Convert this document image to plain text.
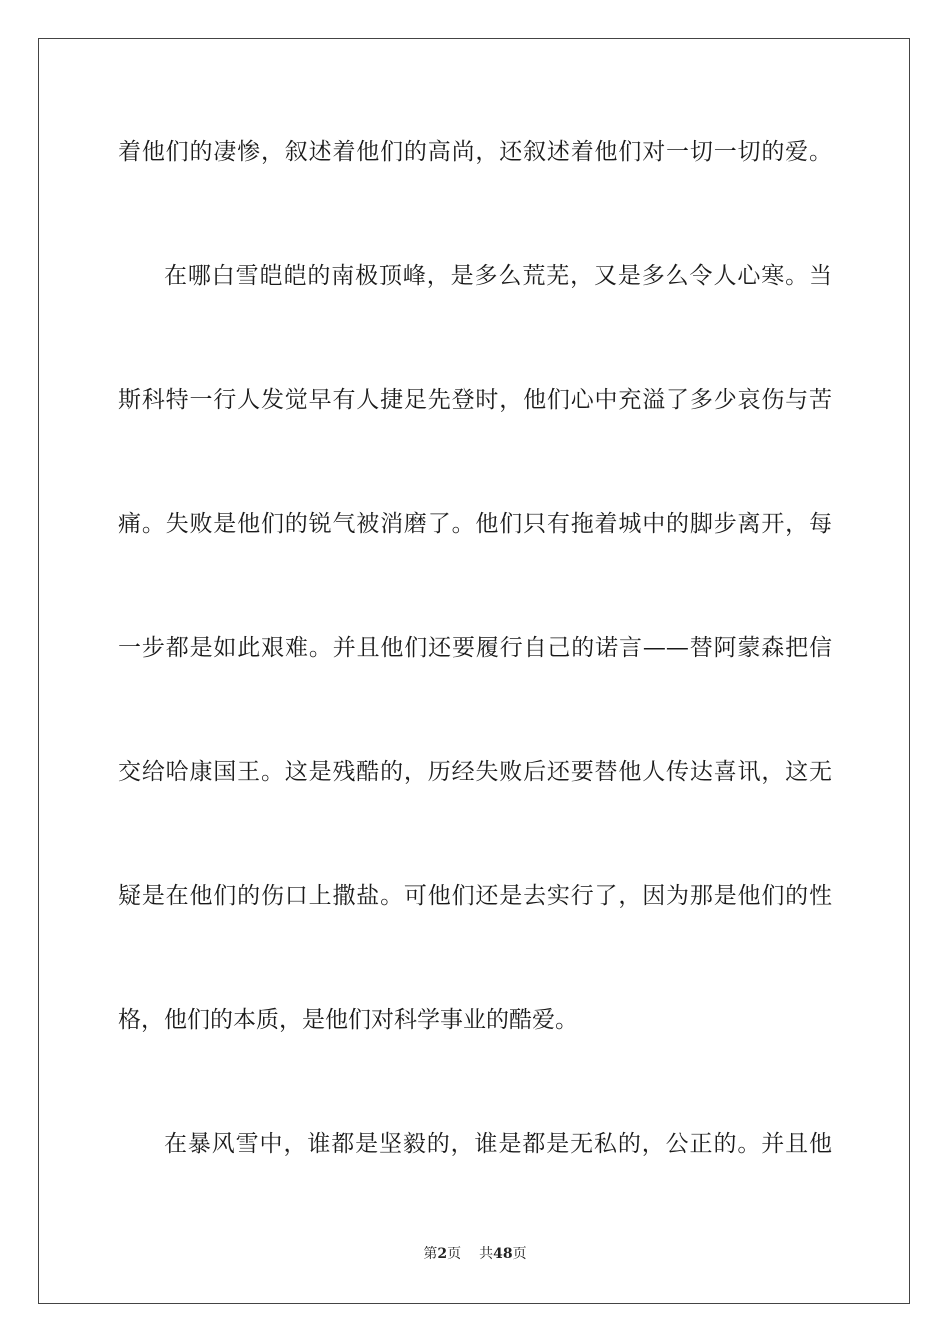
着他们的凄惨，叙述着他们的高尚，还叙述着他们对一切一切的爱。
在哪白雪皑皑的南极顶峰，是多么荒芜，又是多么令人心寒。当
斯科特一行人发觉早有人捷足先登时，他们心中充溢了多少哀伤与苦
痛。失败是他们的锐气被消磨了。他们只有拖着城中的脚步离开，每
一步都是如此艰难。并且他们还要履行自己的诺言——替阿蒙森把信
交给哈康国王。这是残酷的，历经失败后还要替他人传达喜讯，这无
疑是在他们的伤口上撒盐。可他们还是去实行了，因为那是他们的性
格，他们的本质，是他们对科学事业的酷爱。
在暴风雪中，谁都是坚毅的，谁是都是无私的，公正的。并且他
第2页 共48页
